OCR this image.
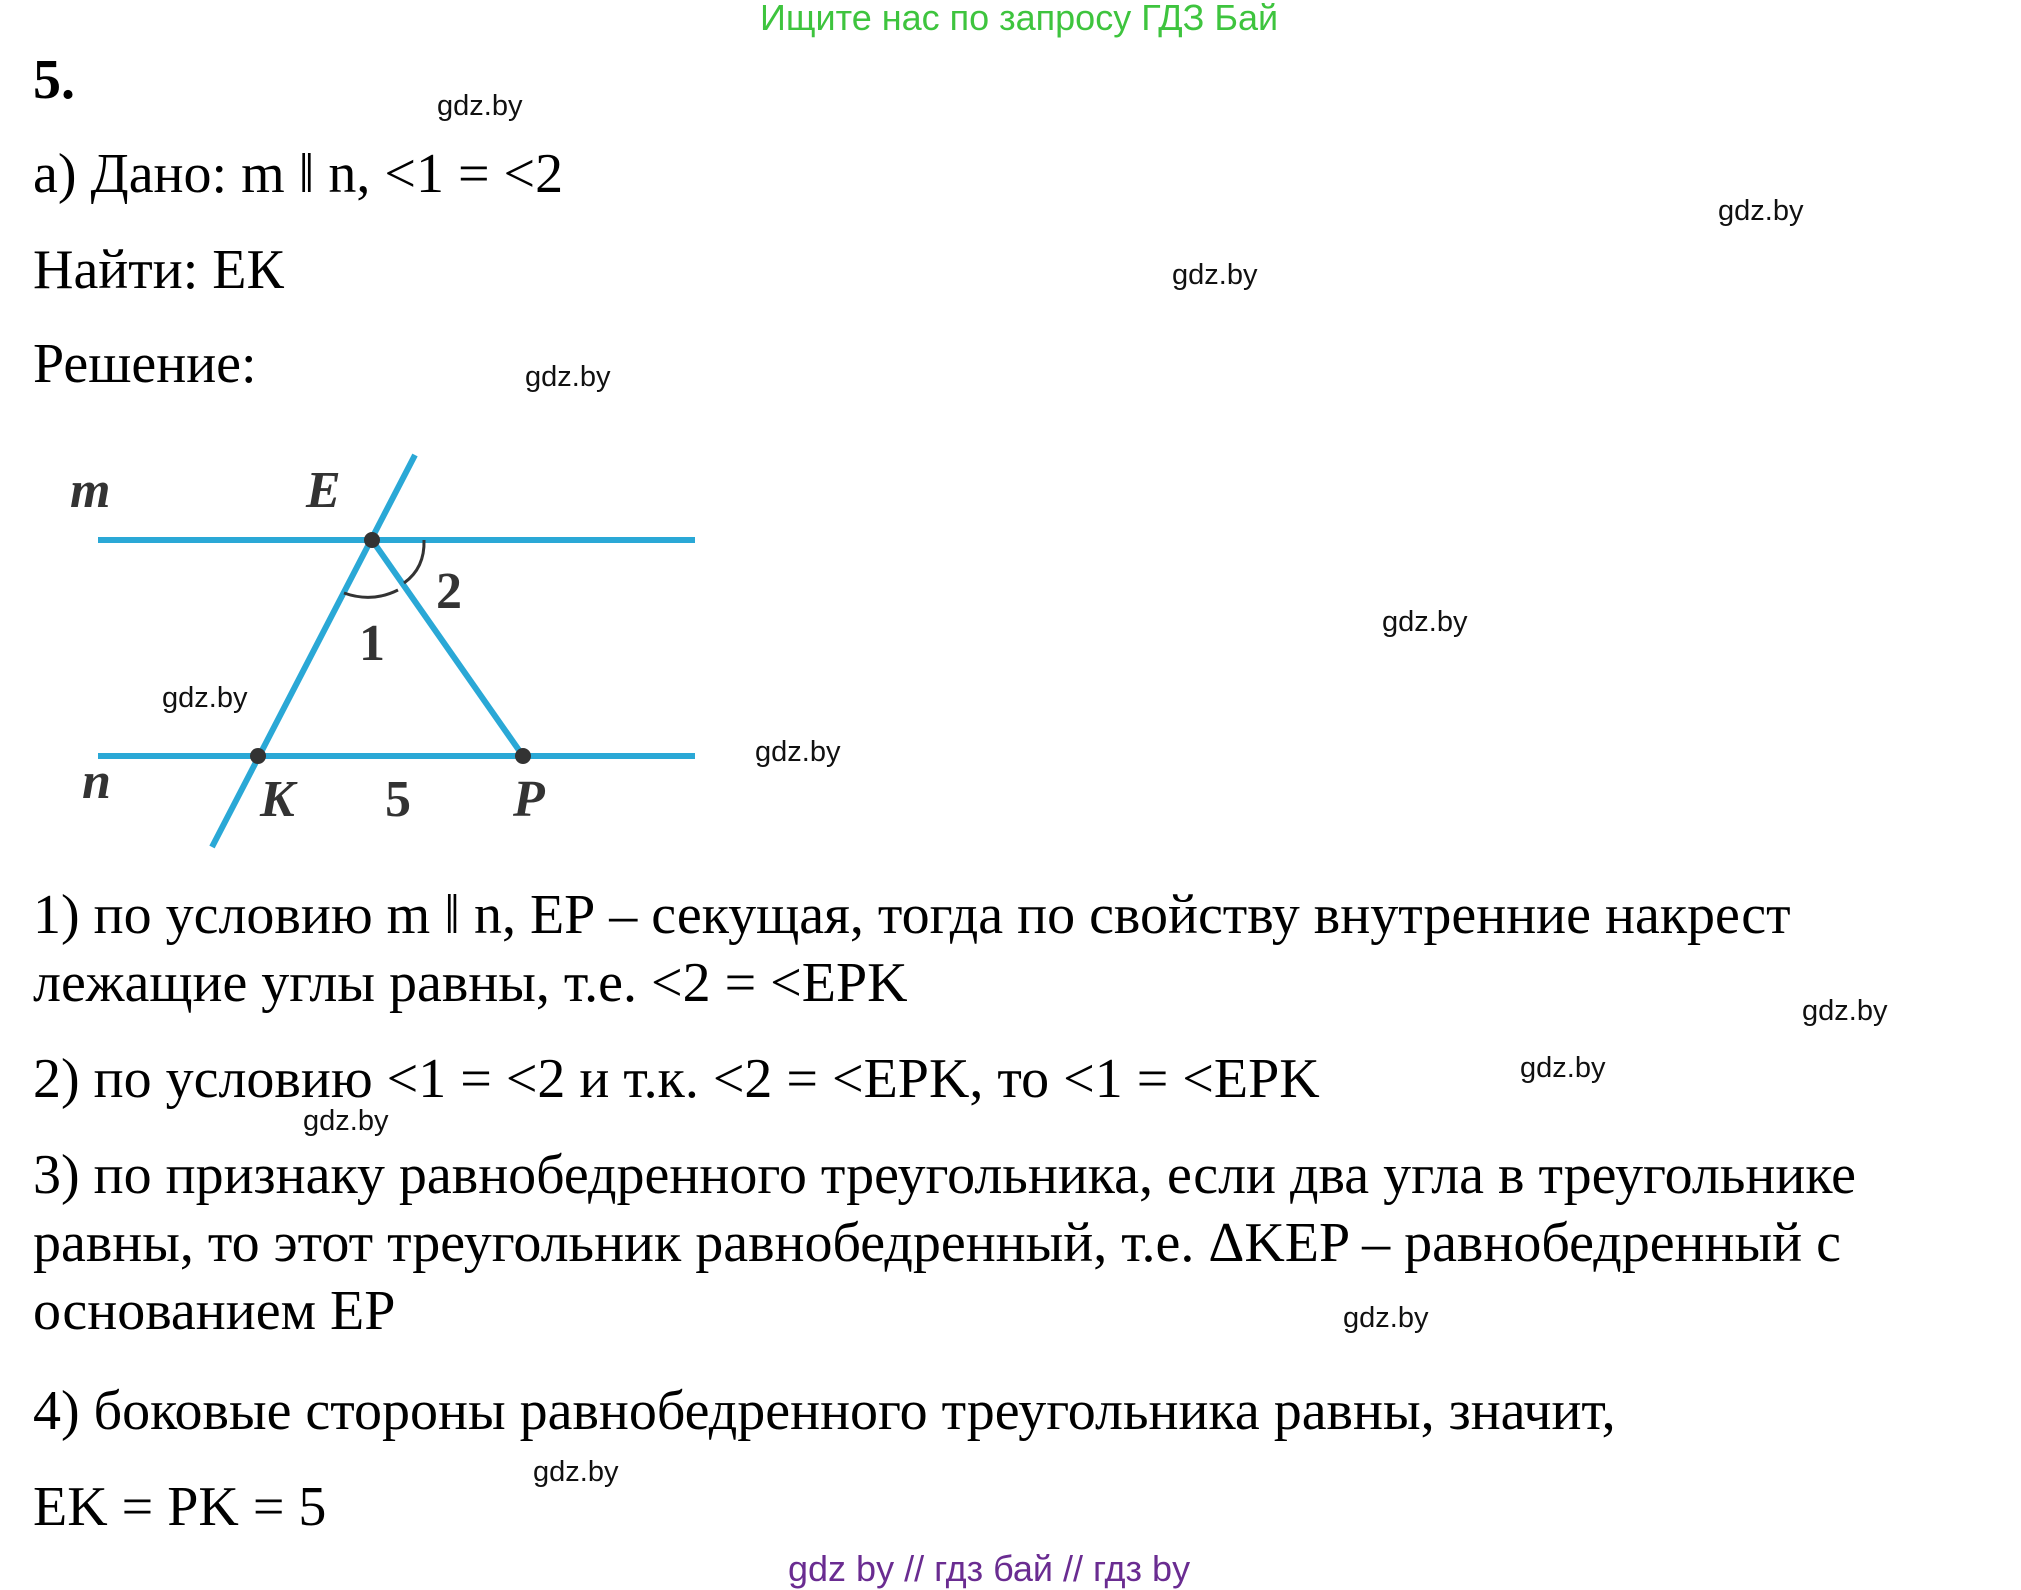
Ищите нас по запросу ГДЗ Бай
5.
а) Дано: m ‖ n, <1 = <2
Найти: ЕК
Решение:
m	E
2
1
n	K 5 P
1) по условию m ‖ n, ЕР – секущая, тогда по свойству внутренние накрест
лежащие углы равны, т.е. <2 = <EPK
2) по условию <1 = <2 и т.к. <2 = <EPK, то <1 = <EPK
3) по признаку равнобедренного треугольника, если два угла в треугольнике
равны, то этот треугольник равнобедренный, т.е. ΔKEP – равнобедренный с
основанием ЕР
4) боковые стороны равнобедренного треугольника равны, значит,
EK = PK = 5
gdz.by
gdz.by
gdz.by
gdz.by
gdz.by
gdz.by
gdz.by
gdz.by
gdz.by
gdz.by
gdz.by
gdz.by
gdz by // гдз бай // гдз by
